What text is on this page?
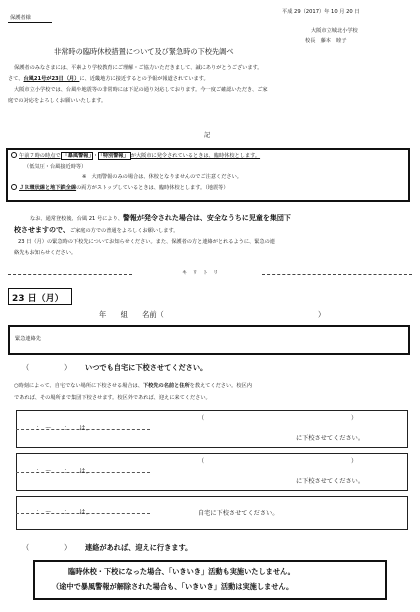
平成 29（2017）年 10 月 20 日
保護者様
大阪市立城北小学校
校長　藤本　睦子
非常時の臨時休校措置について及び緊急時の下校先調べ
保護者のみなさまには、平素より学校教育にご理解・ご協力いただきまして、誠にありがとうございます。
さて、台風21号が23日（月）に、近畿地方に接近するとの予報が報道されています。
大阪市立小学校では、台風や地震等の非常時には下記の通り対応しております。今一度ご確認いただき、ご家
庭での対応をよろしくお願いいたします。
記
午前７時の時点で 「暴風警報」 ・ 「特別警報」 が大阪市に発令されているときは、臨時休校とします。
（低気圧・台風接近時等）
※　大雨警報のみの場合は、休校となりませんのでご注意ください。
ＪＲ環状線と地下鉄全線の両方がストップしているときは、臨時休校とします。（地震等）
なお、通常登校後、台風 21 号により、警報が発令された場合は、安全なうちに児童を集団下
校させますので、ご家庭の方での普通をよろしくお願いします。
23 日（月）の緊急時の下校先についてお知らせください。また、保護者の方と連絡がとれるように、緊急の連
絡先もお知らせください。
キ　リ　ト　リ
23 日（月）
年　　組　　名前（	）
緊急連絡先
（	） いつでも自宅に下校させてください。
○時刻によって、自宅でない場所に下校させる場合は、下校先の名前と住所を教えてください。校区内
であれば、その場所まで集団下校させます。校区外であれば、迎えに来てください。
：　〜　　：　　は、
（	）
に下校させてください。
：　〜　　：　　は、
（	）
に下校させてください。
：　〜　　：　　は、	自宅に下校させてください。
（	） 連絡があれば、迎えに行きます。
臨時休校・下校になった場合、「いきいき」活動も実施いたしません。
（途中で暴風警報が解除された場合も、「いきいき」活動は実施しません。
